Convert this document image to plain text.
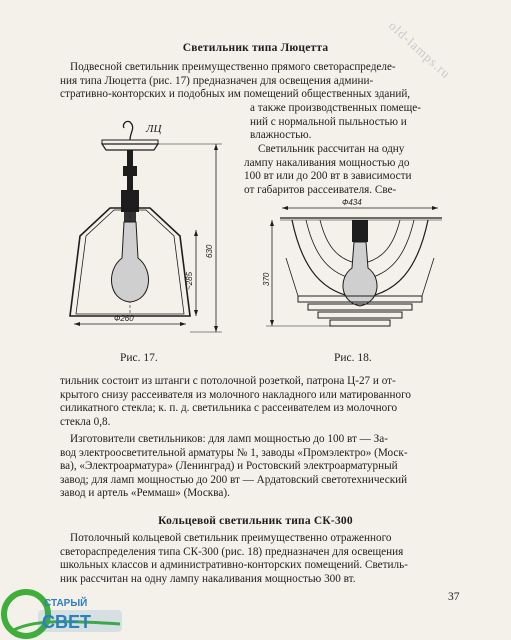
Светильник типа Люцетта
Подвесной светильник преимущественно прямого светораспределе-
ния типа Люцетта (рис. 17) предназначен для освещения админи-
стративно-конторских и подобных им помещений общественных зданий,
а также производственных помеще-
ний с нормальной пыльностью и
влажностью.
Светильник рассчитан на одну
лампу накаливания мощностью до
100 вт или до 200 вт в зависимости
от габаритов рассеивателя. Све-
Ф260
~285
630
ЛЦ
Рис. 17.
Ф434
370
Рис. 18.
тильник состоит из штанги с потолочной розеткой, патрона Ц-27 и от-
крытого снизу рассеивателя из молочного накладного или матированного
силикатного стекла; к. п. д. светильника с рассеивателем из молочного
стекла 0,8.
Изготовители светильников: для ламп мощностью до 100 вт — За-
вод электроосветительной арматуры № 1, заводы «Промэлектро» (Моск-
ва), «Электроарматура» (Ленинград) и Ростовский электроарматурный
завод; для ламп мощностью до 200 вт — Ардатовский светотехнический
завод и артель «Реммаш» (Москва).
Кольцевой светильник типа СК-300
Потолочный кольцевой светильник преимущественно отраженного
светораспределения типа СК-300 (рис. 18) предназначен для освещения
школьных классов и административно-конторских помещений. Светиль-
ник рассчитан на одну лампу накаливания мощностью 300 вт.
37
old-lamps.ru
СТАРЫЙ
СВЕТ
